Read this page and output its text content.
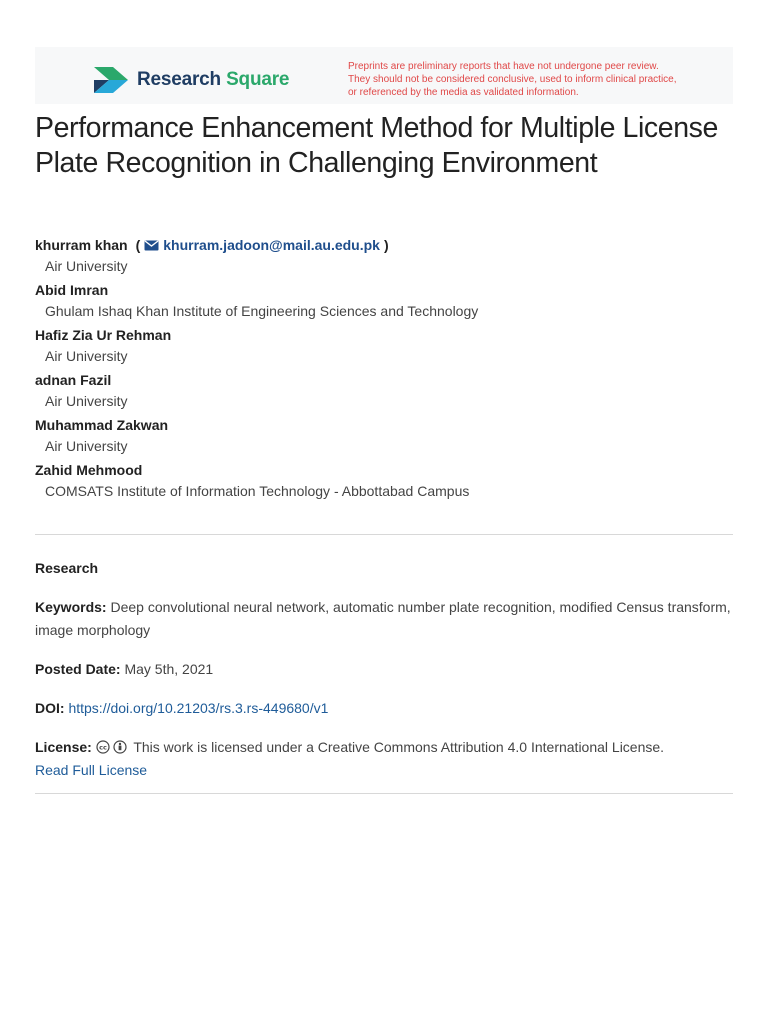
Research Square
Preprints are preliminary reports that have not undergone peer review.
They should not be considered conclusive, used to inform clinical practice,
or referenced by the media as validated information.
Performance Enhancement Method for Multiple License Plate Recognition in Challenging Environment
khurram khan ( khurram.jadoon@mail.au.edu.pk )
Air University
Abid Imran
Ghulam Ishaq Khan Institute of Engineering Sciences and Technology
Hafiz Zia Ur Rehman
Air University
adnan Fazil
Air University
Muhammad Zakwan
Air University
Zahid Mehmood
COMSATS Institute of Information Technology - Abbottabad Campus
Research
Keywords: Deep convolutional neural network, automatic number plate recognition, modified Census transform, image morphology
Posted Date: May 5th, 2021
DOI: https://doi.org/10.21203/rs.3.rs-449680/v1
License: cc This work is licensed under a Creative Commons Attribution 4.0 International License.
Read Full License
